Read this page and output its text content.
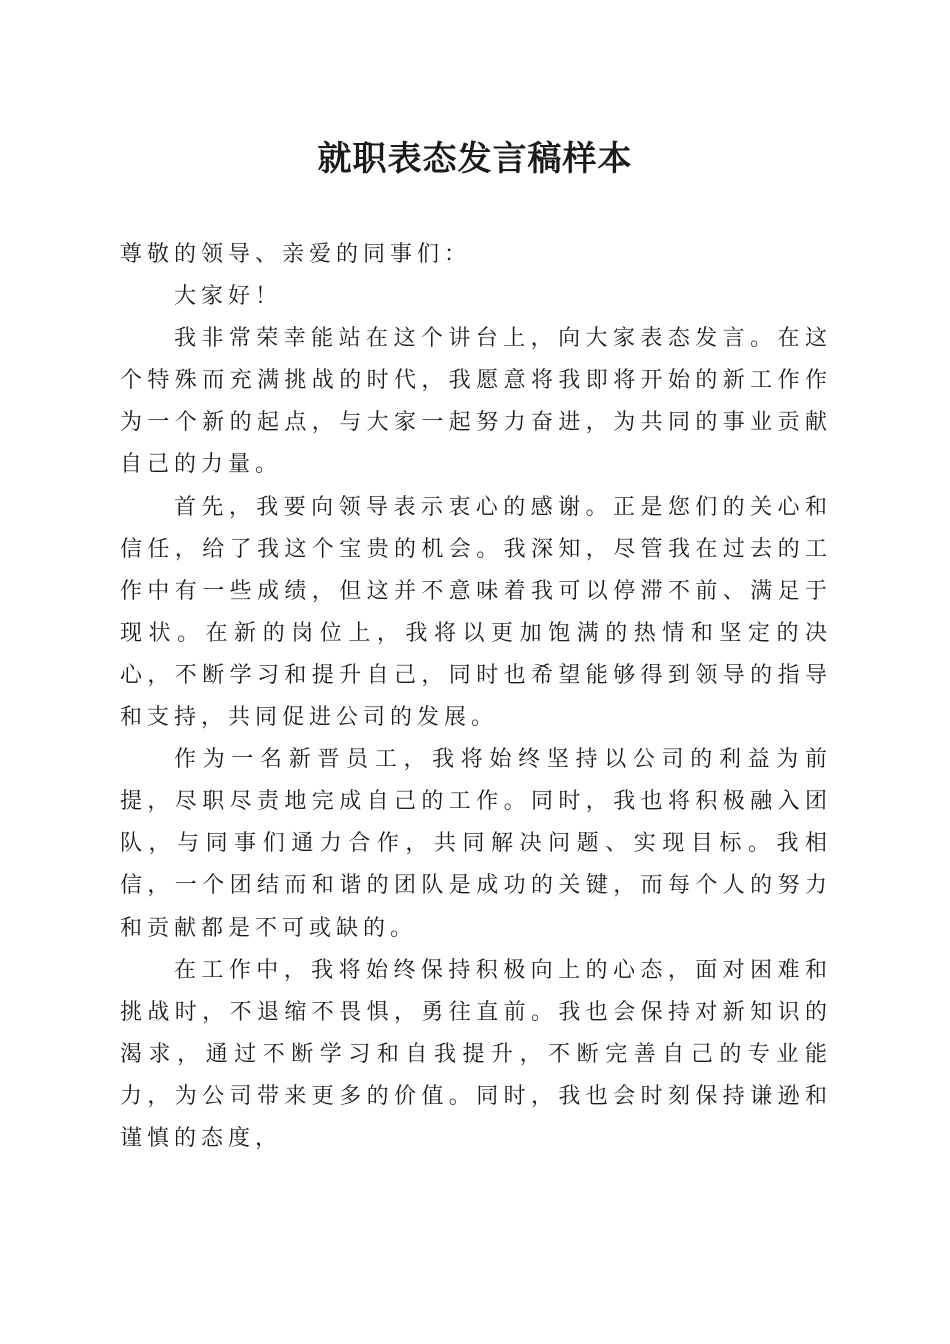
就职表态发言稿样本

尊敬的领导、亲爱的同事们：

大家好！

我非常荣幸能站在这个讲台上，向大家表态发言。在这个特殊而充满挑战的时代，我愿意将我即将开始的新工作作为一个新的起点，与大家一起努力奋进，为共同的事业贡献自己的力量。

首先，我要向领导表示衷心的感谢。正是您们的关心和信任，给了我这个宝贵的机会。我深知，尽管我在过去的工作中有一些成绩，但这并不意味着我可以停滞不前、满足于现状。在新的岗位上，我将以更加饱满的热情和坚定的决心，不断学习和提升自己，同时也希望能够得到领导的指导和支持，共同促进公司的发展。

作为一名新晋员工，我将始终坚持以公司的利益为前提，尽职尽责地完成自己的工作。同时，我也将积极融入团队，与同事们通力合作，共同解决问题、实现目标。我相信，一个团结而和谐的团队是成功的关键，而每个人的努力和贡献都是不可或缺的。

在工作中，我将始终保持积极向上的心态，面对困难和挑战时，不退缩不畏惧，勇往直前。我也会保持对新知识的渴求，通过不断学习和自我提升，不断完善自己的专业能力，为公司带来更多的价值。同时，我也会时刻保持谦逊和谨慎的态度，
